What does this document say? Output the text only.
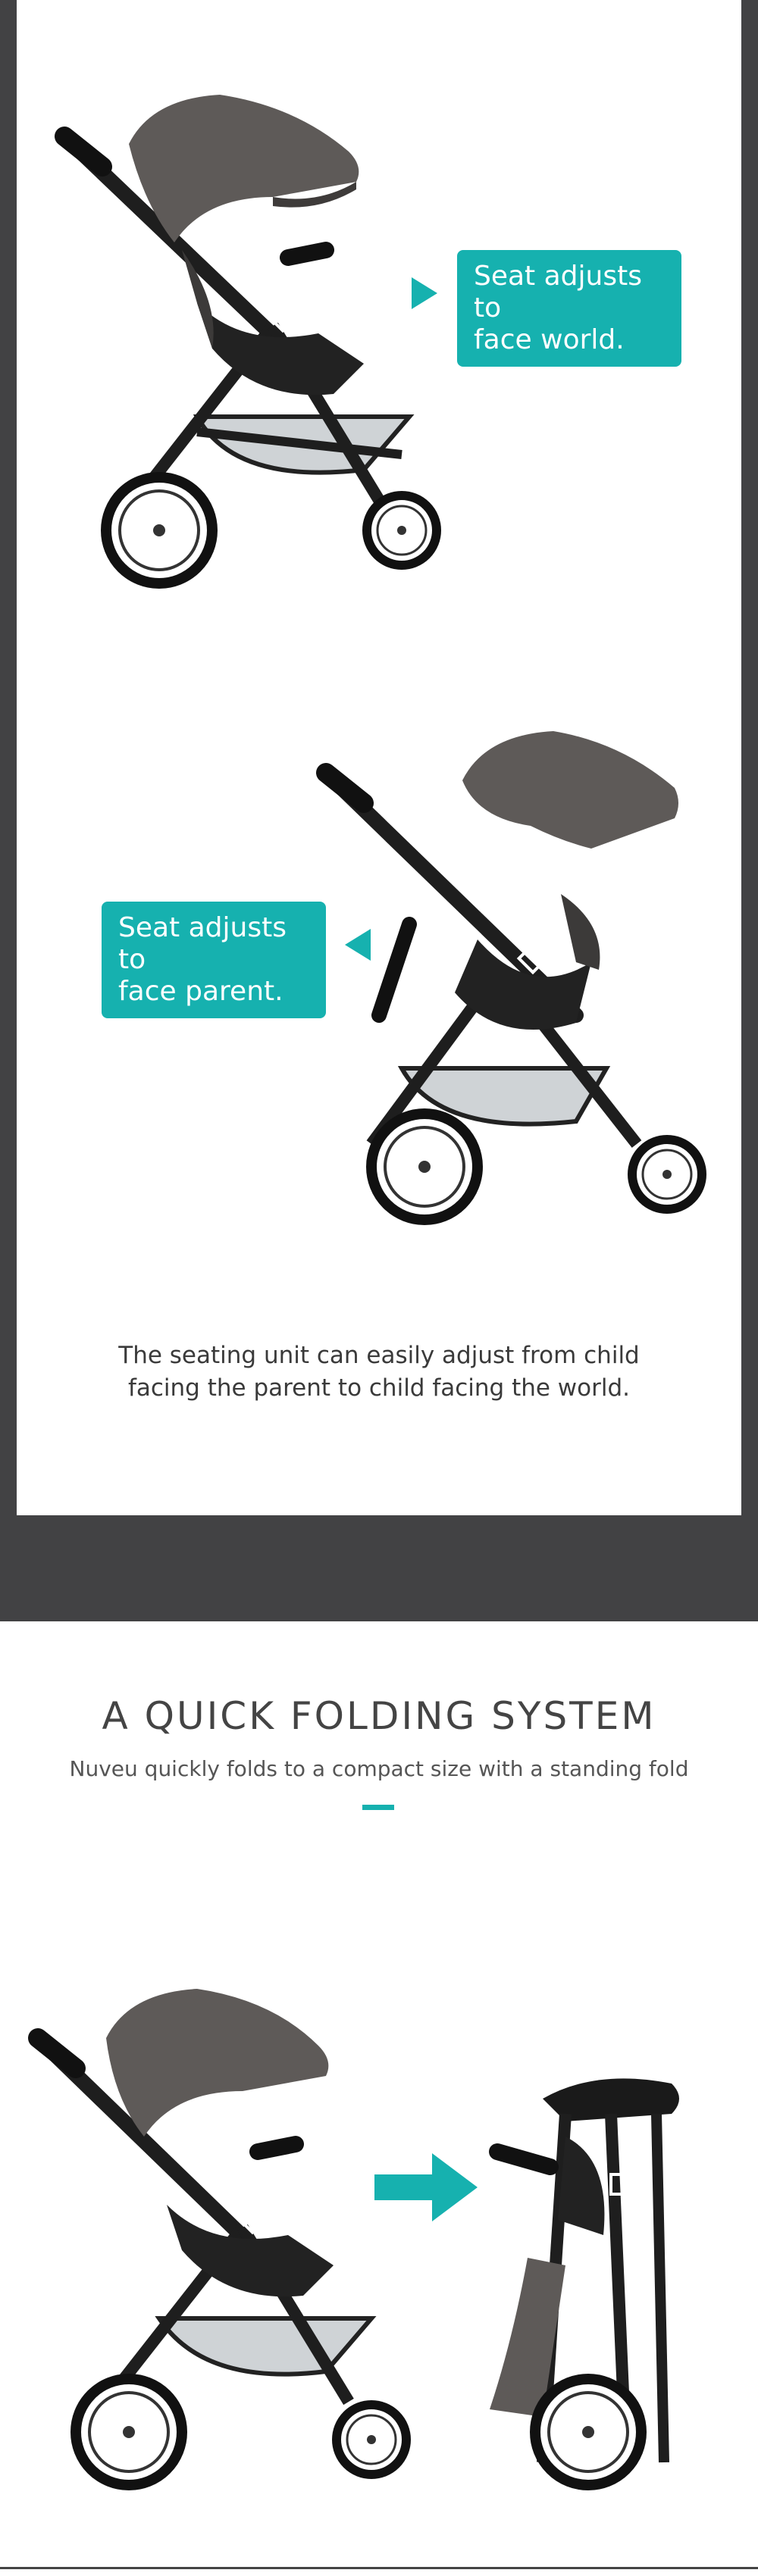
Seat adjusts to
face world.
Seat adjusts to
face parent.
The seating unit can easily adjust from child
facing the parent to child facing the world.
A QUICK FOLDING SYSTEM
Nuveu quickly folds to a compact size with a standing fold
